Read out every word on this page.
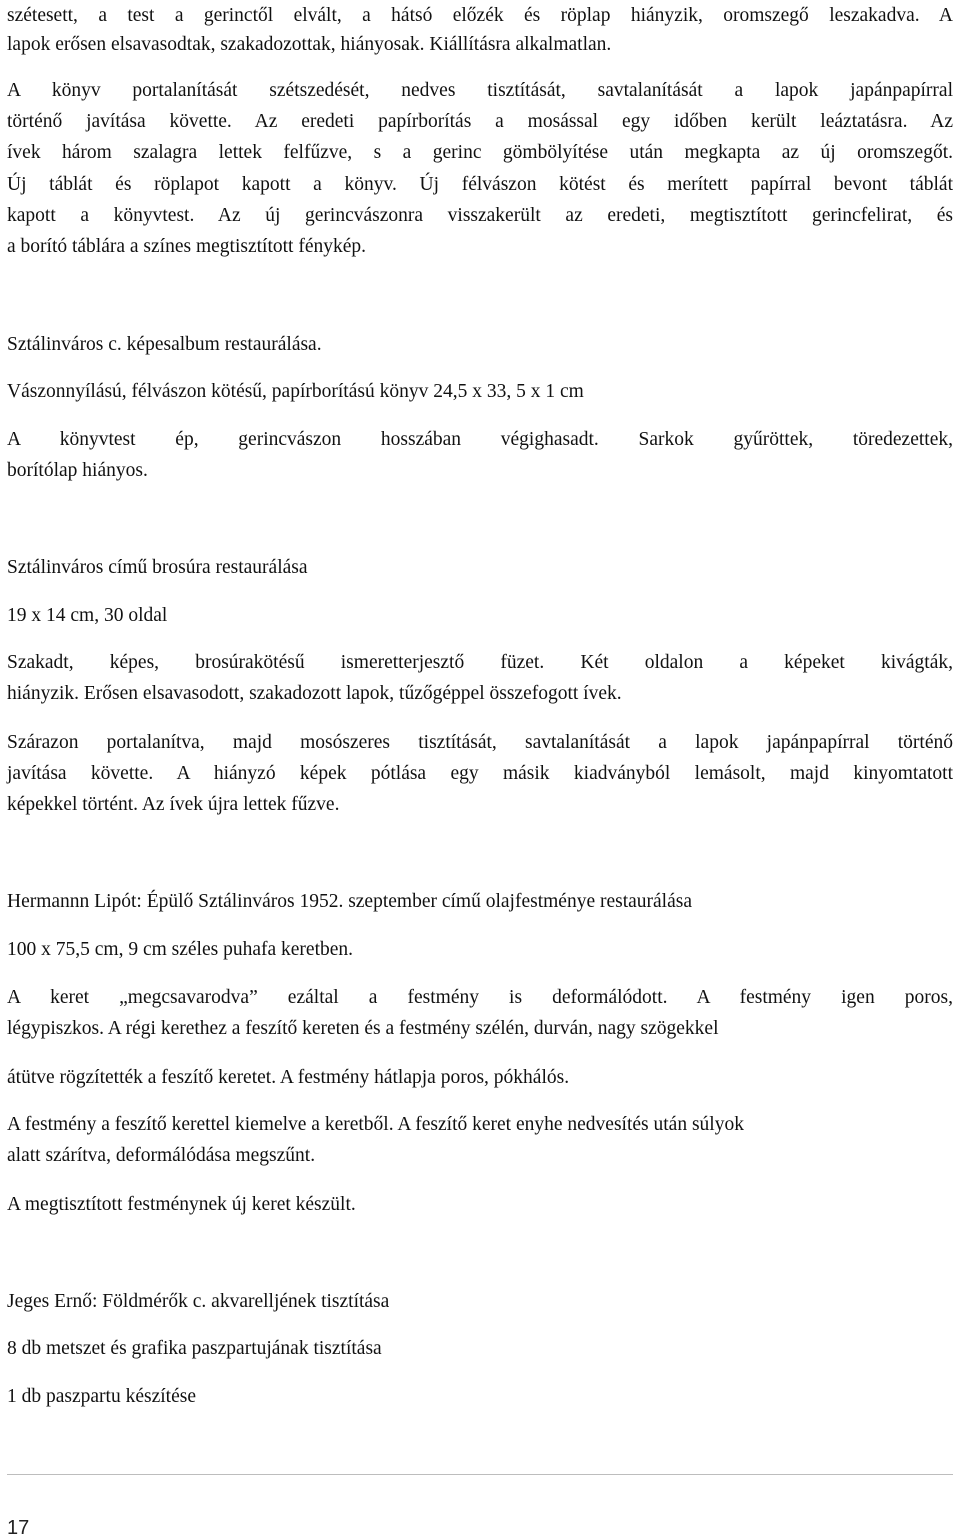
szétesett, a test a gerinctől elvált, a hátsó előzék és röplap hiányzik, oromszegő leszakadva. A
lapok erősen elsavasodtak, szakadozottak, hiányosak. Kiállításra alkalmatlan.
A könyv portalanítását szétszedését, nedves tisztítását, savtalanítását a lapok japánpapírral
történő javítása követte. Az eredeti papírborítás a mosással egy időben került leáztatásra. Az
ívek három szalagra lettek felfűzve, s a gerinc gömbölyítése után megkapta az új oromszegőt.
Új táblát és röplapot kapott a könyv. Új félvászon kötést és merített papírral bevont táblát
kapott a könyvtest. Az új gerincvászonra visszakerült az eredeti, megtisztított gerincfelirat, és
a borító táblára a színes megtisztított fénykép.
Sztálinváros c. képesalbum restaurálása.
Vászonnyílású, félvászon kötésű, papírborítású könyv 24,5 x 33, 5 x 1 cm
A könyvtest ép, gerincvászon hosszában végighasadt. Sarkok gyűröttek, töredezettek,
borítólap hiányos.
Sztálinváros című brosúra restaurálása
19 x 14 cm, 30 oldal
Szakadt, képes, brosúrakötésű ismeretterjesztő füzet. Két oldalon a képeket kivágták,
hiányzik. Erősen elsavasodott, szakadozott lapok, tűzőgéppel összefogott ívek.
Szárazon portalanítva, majd mosószeres tisztítását, savtalanítását a lapok japánpapírral történő
javítása követte. A hiányzó képek pótlása egy másik kiadványból lemásolt, majd kinyomtatott
képekkel történt. Az ívek újra lettek fűzve.
Hermannn Lipót: Épülő Sztálinváros 1952. szeptember című olajfestménye restaurálása
100 x 75,5 cm, 9 cm széles puhafa keretben.
A keret „megcsavarodva” ezáltal a festmény is deformálódott. A festmény igen poros,
légypiszkos. A régi kerethez a feszítő kereten és a festmény szélén, durván, nagy szögekkel
átütve rögzítették a feszítő keretet. A festmény hátlapja poros, pókhálós.
A festmény a feszítő kerettel kiemelve a keretből. A feszítő keret enyhe nedvesítés után súlyok
alatt szárítva, deformálódása megszűnt.
A megtisztított festménynek új keret készült.
Jeges Ernő: Földmérők c. akvarelljének tisztítása
8 db metszet és grafika paszpartujának tisztítása
1 db paszpartu készítése
17
